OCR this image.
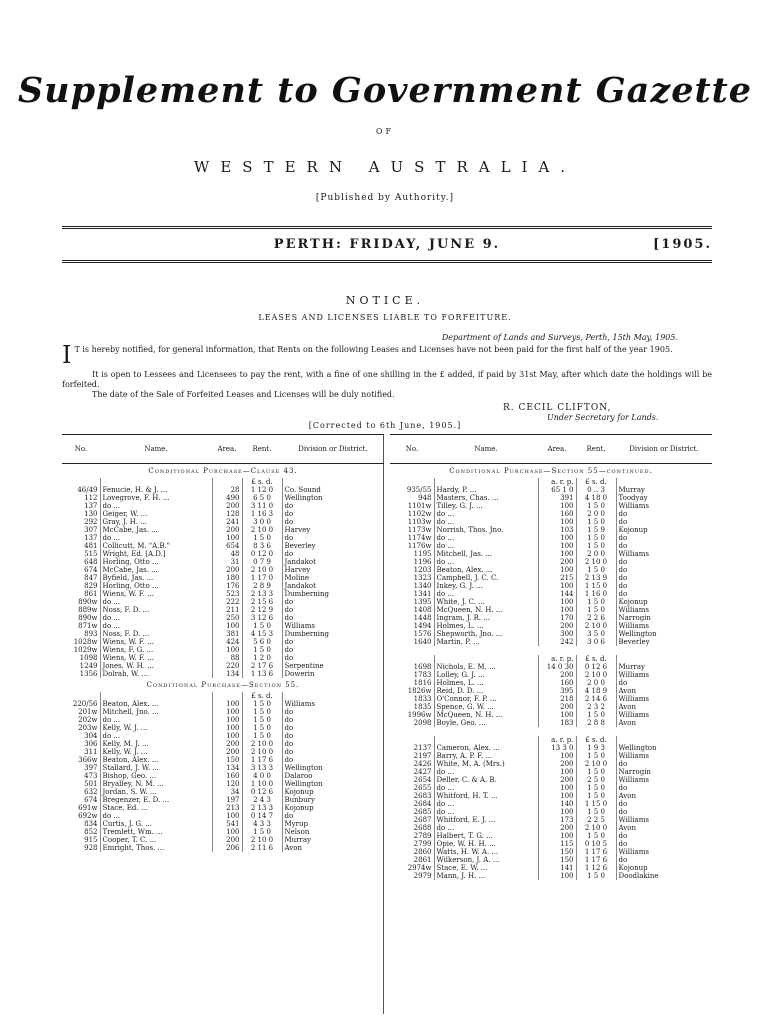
Supplement to Government Gazette
OF
WESTERN AUSTRALIA.
[Published by Authority.]
PERTH: FRIDAY, JUNE 9.	[1905.
NOTICE.
LEASES AND LICENSES LIABLE TO FORFEITURE.
Department of Lands and Surveys, Perth, 15th May, 1905.
I T is hereby notified, for general information, that Rents on the following Leases and Licenses have not been paid for the first half of the year 1905.
It is open to Lessees and Licensees to pay the rent, with a fine of one shilling in the £ added, if paid by 31st May, after which date the holdings will be forfeited.
The date of the Sale of Forfeited Leases and Licenses will be duly notified.
R. CECIL CLIFTON,
Under Secretary for Lands.
[Corrected to 6th June, 1905.]
No.	Name.	Area.	Rent.	Division or District.
Conditional Purchase—Clause 43.				
			£ s. d.	
46/49	Fenucie, H. & J. ...	28	1 12 0	Co. Sound
112	Lovegrove, F. H. ...	490	6 5 0	Wellington
137	do ...	200	3 11 0	do
130	Geiger, W. ...	128	1 16 3	do
292	Gray, J. H. ...	241	3 0 0	do
307	McCabe, Jas. ...	200	2 10 0	Harvey
137	do ...	100	1 5 0	do
481	Collicutt, M. "A.B."	654	8 3 6	Beverley
515	Wright, Ed. [A.D.]	48	0 12 0	do
648	Horling, Otto ...	31	0 7 9	Jandakot
674	McCabe, Jas. ...	200	2 10 0	Harvey
847	Byfield, Jas. ...	180	1 17 0	Moline
829	Horling, Otto ...	176	2 8 9	Jandakot
861	Wiens, W. F. ...	523	2 13 3	Dumberning
890w	do ...	222	2 15 6	do
889w	Noss, F. D. ...	211	2 12 9	do
890w	do ...	250	3 12 6	do
871w	do ...	100	1 5 0	Williams
893	Noss, F. D. ...	381	4 15 3	Dumberning
1028w	Wiens, W. F. ...	424	5 6 0	do
1029w	Wiens, F. G. ...	100	1 5 0	do
1098	Wiens, W. F. ...	88	1 2 0	do
1249	Jones, W. H. ...	220	2 17 6	Serpentine
1356	Dolrah, W. ...	134	1 13 6	Dowerin
Conditional Purchase—Section 55.				
			£ s. d.	
220/56	Beaton, Alex. ...	100	1 5 0	Williams
201w	Mitchell, Jno. ...	100	1 5 0	do
202w	do ...	100	1 5 0	do
203w	Kelly, W. J. ...	100	1 5 0	do
304	do ...	100	1 5 0	do
306	Kelly, M. J. ...	200	2 10 0	do
311	Kelly, W. J. ...	200	2 10 0	do
366w	Beaton, Alex. ...	150	1 17 6	do
397	Stallard, J. W. ...	134	3 13 3	Wellington
473	Bishop, Geo. ...	160	4 0 0	Dalaroo
501	Bryalley, N. M. ...	120	1 10 0	Wellington
632	Jordan, S. W. ...	34	0 12 6	Kojonup
674	Bregenzer, E. D. ...	197	2 4 3	Bunbury
691w	Stace, Ed. ...	213	2 13 3	Kojonup
692w	do ...	100	0 14 7	do
834	Curtis, J. G. ...	541	4 3 3	Myrup
852	Tremlett, Wm. ...	100	1 5 0	Nelson
915	Cooper, T. C. ...	200	2 10 0	Murray
928	Emright, Thos. ...	206	2 11 6	Avon
No.	Name.	Area.	Rent.	Division or District.
Conditional Purchase—Section 55—continued.				
		a. r. p.	£ s. d.	
935/55	Hardy, P. ...	65 1 0	0 .. 3	Murray
948	Masters, Chas. ...	391	4 18 0	Toodyay
1101w	Tilley, G. J. ...	100	1 5 0	Williams
1102w	do ...	160	2 0 0	do
1103w	do ...	100	1 5 0	do
1173w	Norrish, Thos. Jno.	103	1 5 9	Kojonup
1174w	do ...	100	1 5 0	do
1176w	do ...	100	1 5 0	do
1195	Mitchell, Jas. ...	100	2 0 0	Williams
1196	do ...	200	2 10 0	do
1203	Beaton, Alex. ...	100	1 5 0	do
1323	Campbell, J. C. C.	215	2 13 9	do
1340	Inkey, G. J. ...	100	1 15 0	do
1341	do ...	144	1 16 0	do
1395	White, J. C. ...	100	1 5 0	Kojonup
1408	McQueen, N. H. ...	100	1 5 0	Williams
1448	Ingram, J. R. ...	170	2 2 6	Narrogin
1494	Holmes, L. ...	200	2 10 0	Williams
1576	Shepworth, Jno. ...	300	3 5 0	Wellington
1640	Martin, P. ...	242	3 0 6	Beverley

		a. r. p.	£ s. d.	
1698	Nichols, E. M. ...	14 0 30	0 12 6	Murray
1783	Lolley, G. J. ...	200	2 10 0	Williams
1816	Holmes, L. ...	160	2 0 0	do
1826w	Reid, D. D. ...	395	4 18 9	Avon
1833	O'Connor, F. P. ...	218	2 14 6	Williams
1835	Spence, G. W. ...	200	2 3 2	Avon
1996w	McQueen, N. H. ...	100	1 5 0	Williams
2098	Boyle, Geo. ...	183	2 8 8	Avon

		a. r. p.	£ s. d.	
2137	Cameron, Alex. ...	13 3 0	1 9 3	Wellington
2197	Barry, A. P. F. ...	100	1 5 0	Williams
2426	White, M. A. (Mrs.)	200	2 10 0	do
2427	do ...	100	1 5 0	Narrogin
2654	Deller, C. & A. B.	200	2 5 0	Williams
2655	do ...	100	1 5 0	do
2683	Whitford, H. T. ...	100	1 5 0	Avon
2684	do ...	140	1 15 0	do
2685	do ...	100	1 5 0	do
2687	Whitford, E. J. ...	173	2 2 5	Williams
2688	do ...	200	2 10 0	Avon
2789	Halbert, T. G. ...	100	1 5 0	do
2799	Opie, W. H. H. ...	115	0 10 5	do
2860	Watts, H. W. A. ...	150	1 17 6	Williams
2861	Wilkerson, J. A. ...	150	1 17 6	do
2974w	Stace, E. W. ...	141	1 12 6	Kojonup
2979	Mann, J. H. ...	100	1 5 0	Doodlakine
